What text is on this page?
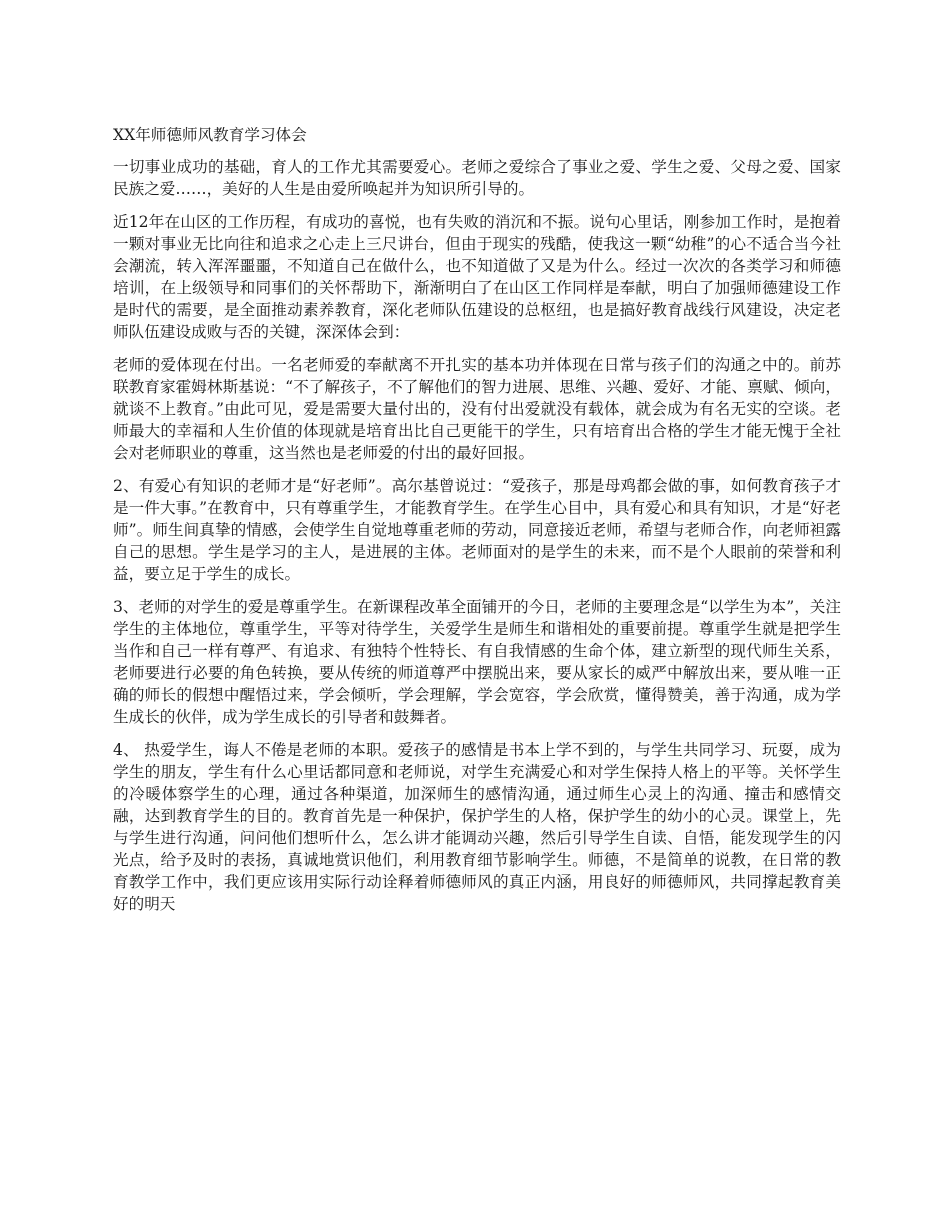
XX年师德师风教育学习体会

一切事业成功的基础，育人的工作尤其需要爱心。老师之爱综合了事业之爱、学生之爱、父母之爱、国家民族之爱……，美好的人生是由爱所唤起并为知识所引导的。

近12年在山区的工作历程，有成功的喜悦，也有失败的消沉和不振。说句心里话，刚参加工作时，是抱着一颗对事业无比向往和追求之心走上三尺讲台，但由于现实的残酷，使我这一颗“幼稚”的心不适合当今社会潮流，转入浑浑噩噩，不知道自己在做什么，也不知道做了又是为什么。经过一次次的各类学习和师德培训，在上级领导和同事们的关怀帮助下，渐渐明白了在山区工作同样是奉献，明白了加强师德建设工作是时代的需要，是全面推动素养教育，深化老师队伍建设的总枢纽，也是搞好教育战线行风建设，决定老师队伍建设成败与否的关键，深深体会到：

老师的爱体现在付出。一名老师爱的奉献离不开扎实的基本功并体现在日常与孩子们的沟通之中的。前苏联教育家霍姆林斯基说：“不了解孩子，不了解他们的智力进展、思维、兴趣、爱好、才能、禀赋、倾向，就谈不上教育。”由此可见，爱是需要大量付出的，没有付出爱就没有载体，就会成为有名无实的空谈。老师最大的幸福和人生价值的体现就是培育出比自己更能干的学生，只有培育出合格的学生才能无愧于全社会对老师职业的尊重，这当然也是老师爱的付出的最好回报。

2、有爱心有知识的老师才是“好老师”。高尔基曾说过：“爱孩子，那是母鸡都会做的事，如何教育孩子才是一件大事。”在教育中，只有尊重学生，才能教育学生。在学生心目中，具有爱心和具有知识，才是“好老师”。师生间真挚的情感，会使学生自觉地尊重老师的劳动，同意接近老师，希望与老师合作，向老师袒露自己的思想。学生是学习的主人，是进展的主体。老师面对的是学生的未来，而不是个人眼前的荣誉和利益，要立足于学生的成长。

3、老师的对学生的爱是尊重学生。在新课程改革全面铺开的今日，老师的主要理念是“以学生为本”，关注学生的主体地位，尊重学生，平等对待学生，关爱学生是师生和谐相处的重要前提。尊重学生就是把学生当作和自己一样有尊严、有追求、有独特个性特长、有自我情感的生命个体，建立新型的现代师生关系，老师要进行必要的角色转换，要从传统的师道尊严中摆脱出来，要从家长的威严中解放出来，要从唯一正确的师长的假想中醒悟过来，学会倾听，学会理解，学会宽容，学会欣赏，懂得赞美，善于沟通，成为学生成长的伙伴，成为学生成长的引导者和鼓舞者。

4、 热爱学生，诲人不倦是老师的本职。爱孩子的感情是书本上学不到的，与学生共同学习、玩耍，成为学生的朋友，学生有什么心里话都同意和老师说，对学生充满爱心和对学生保持人格上的平等。关怀学生的冷暖体察学生的心理，通过各种渠道，加深师生的感情沟通，通过师生心灵上的沟通、撞击和感情交融，达到教育学生的目的。教育首先是一种保护，保护学生的人格，保护学生的幼小的心灵。课堂上，先与学生进行沟通，问问他们想听什么，怎么讲才能调动兴趣，然后引导学生自读、自悟，能发现学生的闪光点，给予及时的表扬，真诚地赏识他们，利用教育细节影响学生。师德，不是简单的说教，在日常的教育教学工作中，我们更应该用实际行动诠释着师德师风的真正内涵，用良好的师德师风，共同撑起教育美好的明天
